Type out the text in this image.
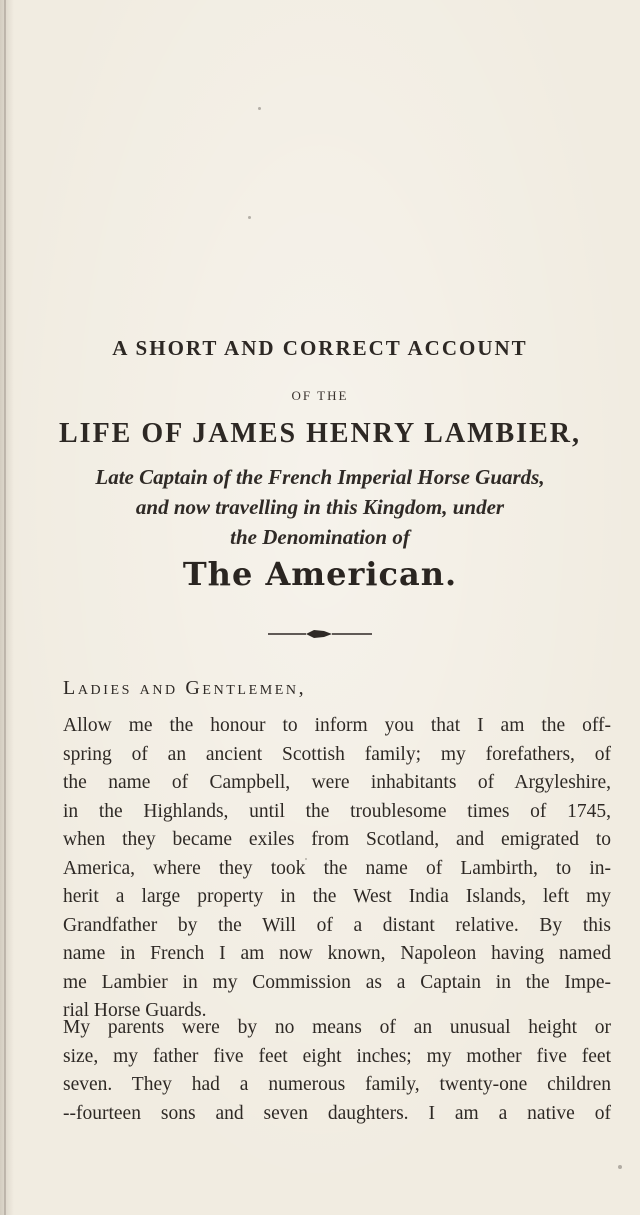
A SHORT AND CORRECT ACCOUNT
OF THE
LIFE OF JAMES HENRY LAMBIER,
Late Captain of the French Imperial Horse Guards,
and now travelling in this Kingdom, under
the Denomination of
The American.
Ladies and Gentlemen,
Allow me the honour to inform you that I am the off-
spring of an ancient Scottish family; my forefathers, of
the name of Campbell, were inhabitants of Argyleshire,
in the Highlands, until the troublesome times of 1745,
when they became exiles from Scotland, and emigrated to
America, where they took the name of Lambirth, to in-
herit a large property in the West India Islands, left my
Grandfather by the Will of a distant relative. By this
name in French I am now known, Napoleon having named
me Lambier in my Commission as a Captain in the Impe-
rial Horse Guards.
My parents were by no means of an unusual height or
size, my father five feet eight inches; my mother five feet
seven. They had a numerous family, twenty-one children
--fourteen sons and seven daughters. I am a native of
